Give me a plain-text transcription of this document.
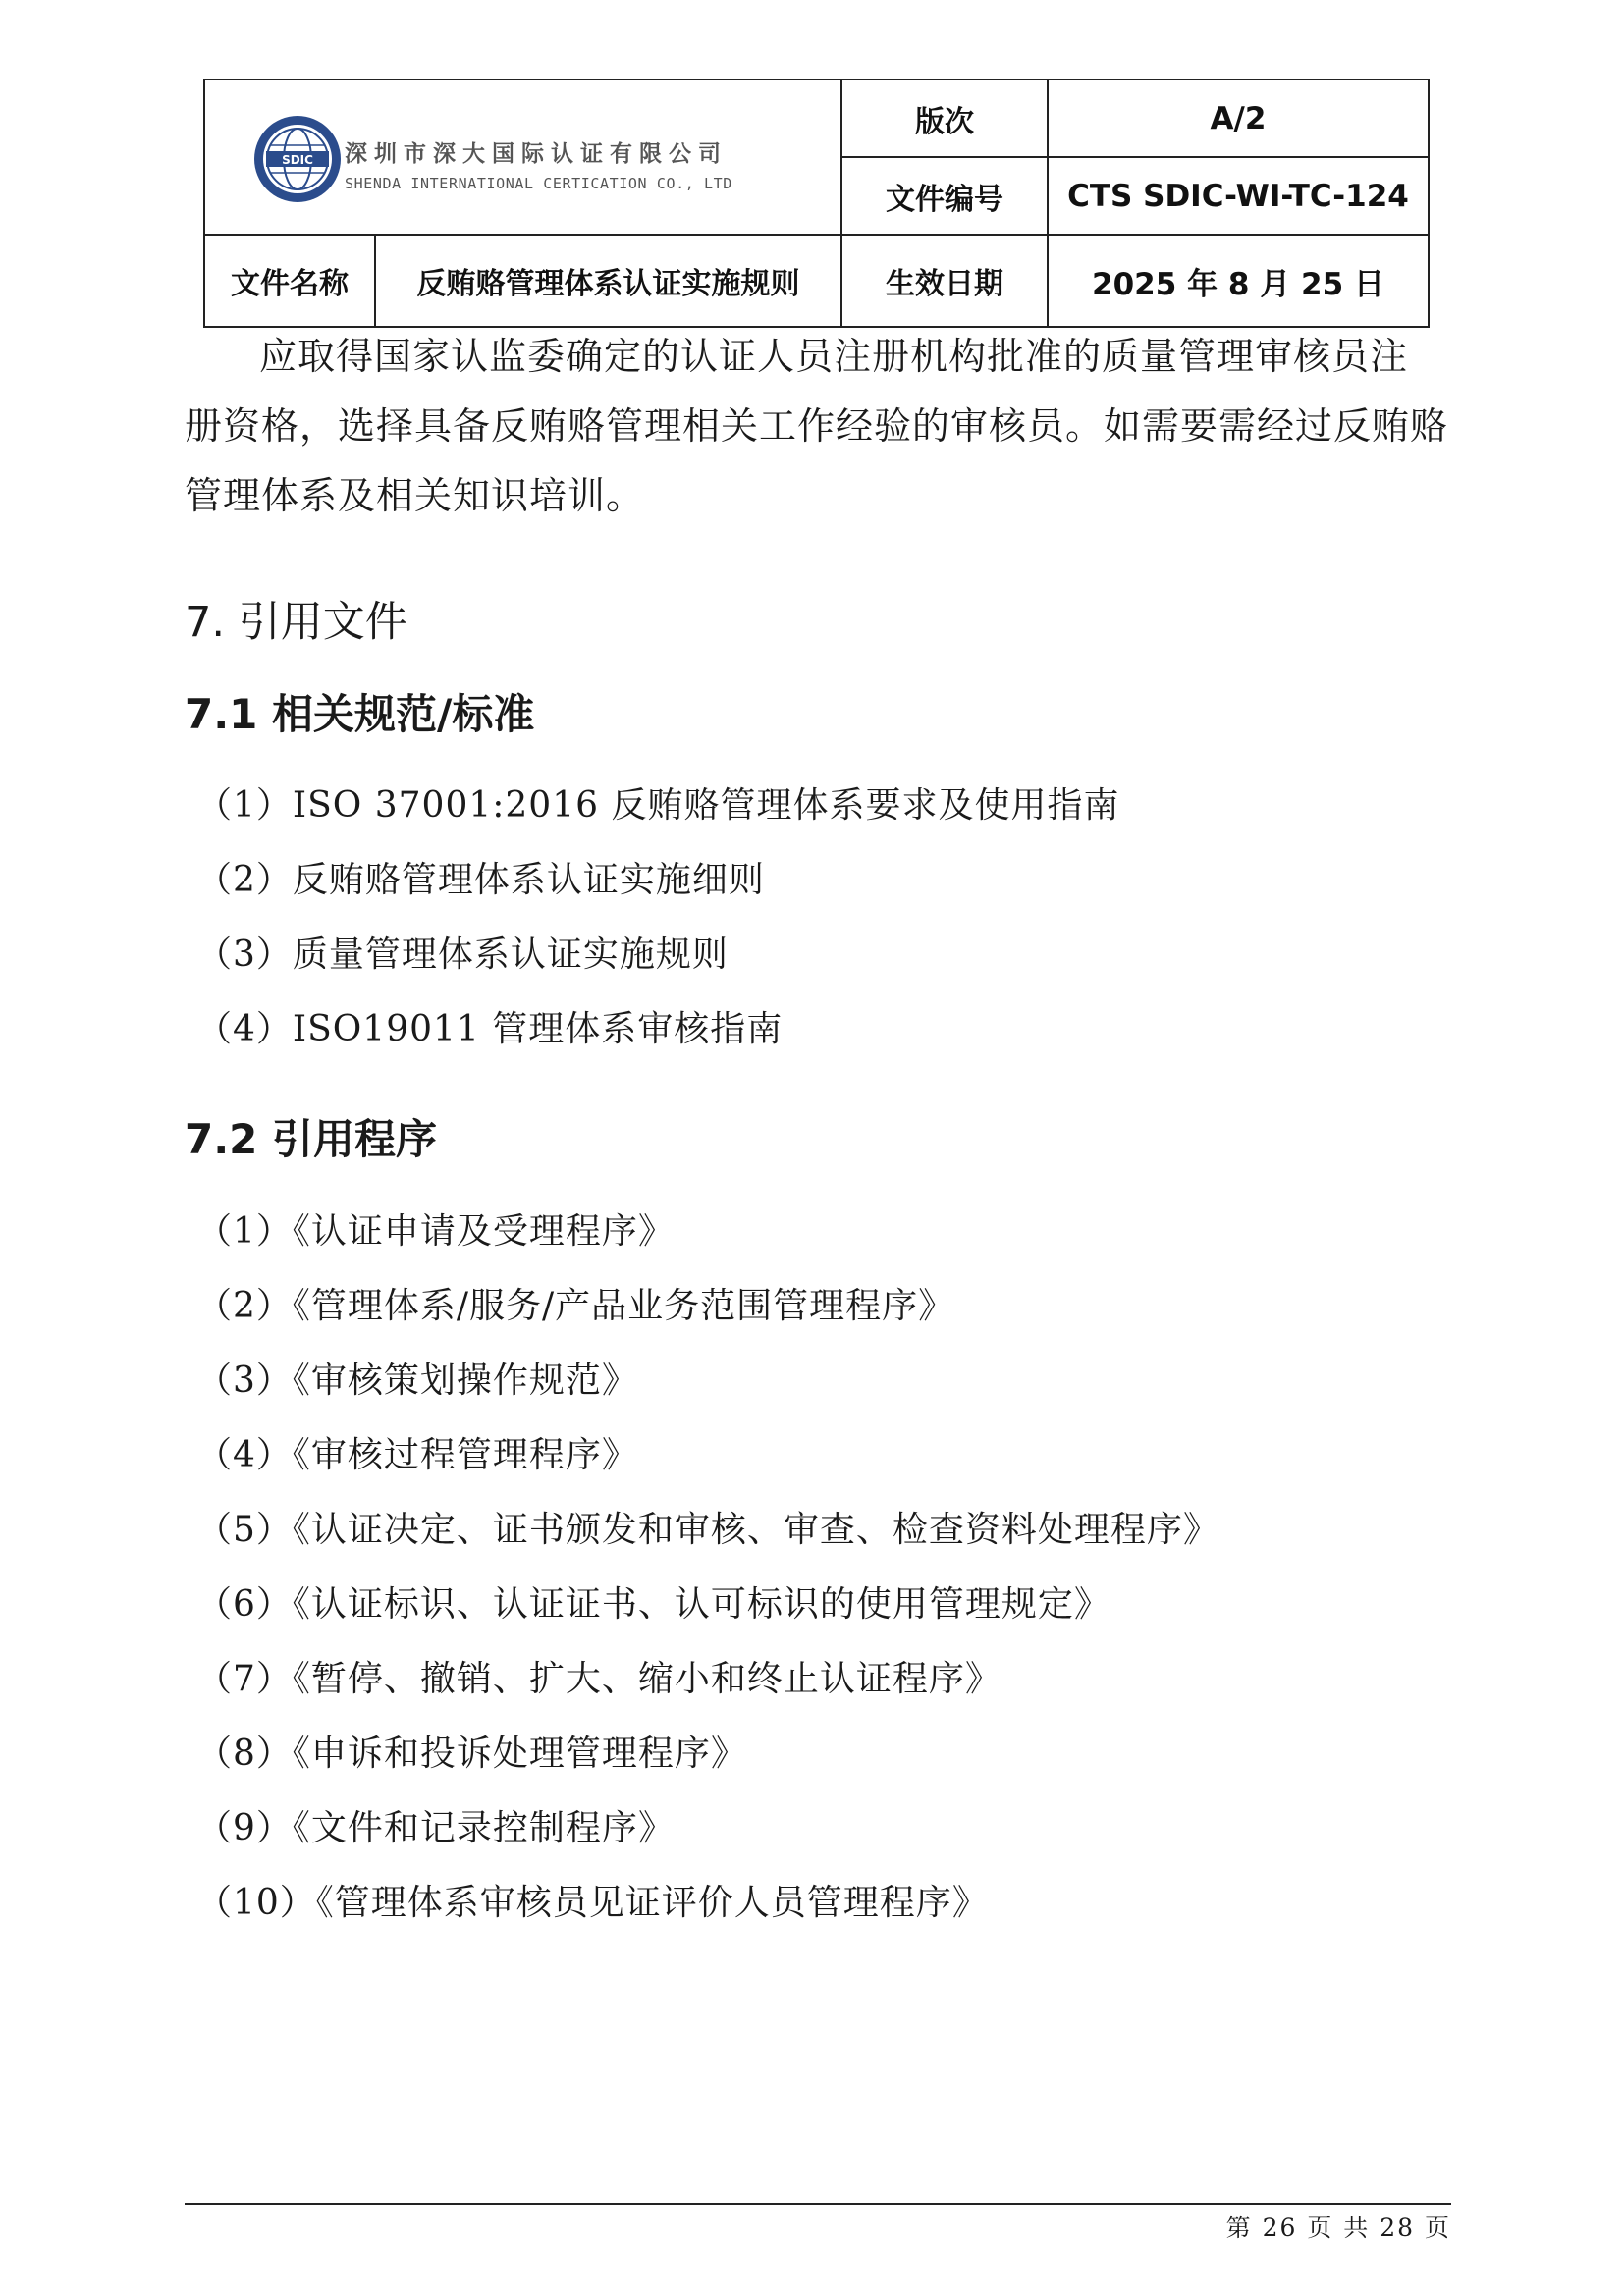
SDIC 深圳市深大国际认证有限公司
SHENDA INTERNATIONAL CERTICATION CO., LTD		版次	A/2
		文件编号	CTS SDIC-WI-TC-124
文件名称	反贿赂管理体系认证实施规则	生效日期	2025 年 8 月 25 日

应取得国家认监委确定的认证人员注册机构批准的质量管理审核员注

册资格，选择具备反贿赂管理相关工作经验的审核员。如需要需经过反贿赂

管理体系及相关知识培训。

7. 引用文件
7.1 相关规范/标准

（1）ISO 37001:2016 反贿赂管理体系要求及使用指南

（2）反贿赂管理体系认证实施细则

（3）质量管理体系认证实施规则

（4）ISO19011 管理体系审核指南

7.2 引用程序

（1）《认证申请及受理程序》

（2）《管理体系/服务/产品业务范围管理程序》

（3）《审核策划操作规范》

（4）《审核过程管理程序》

（5）《认证决定、证书颁发和审核、审查、检查资料处理程序》

（6）《认证标识、认证证书、认可标识的使用管理规定》

（7）《暂停、撤销、扩大、缩小和终止认证程序》

（8）《申诉和投诉处理管理程序》

（9）《文件和记录控制程序》

（10）《管理体系审核员见证评价人员管理程序》

第 26 页 共 28 页
